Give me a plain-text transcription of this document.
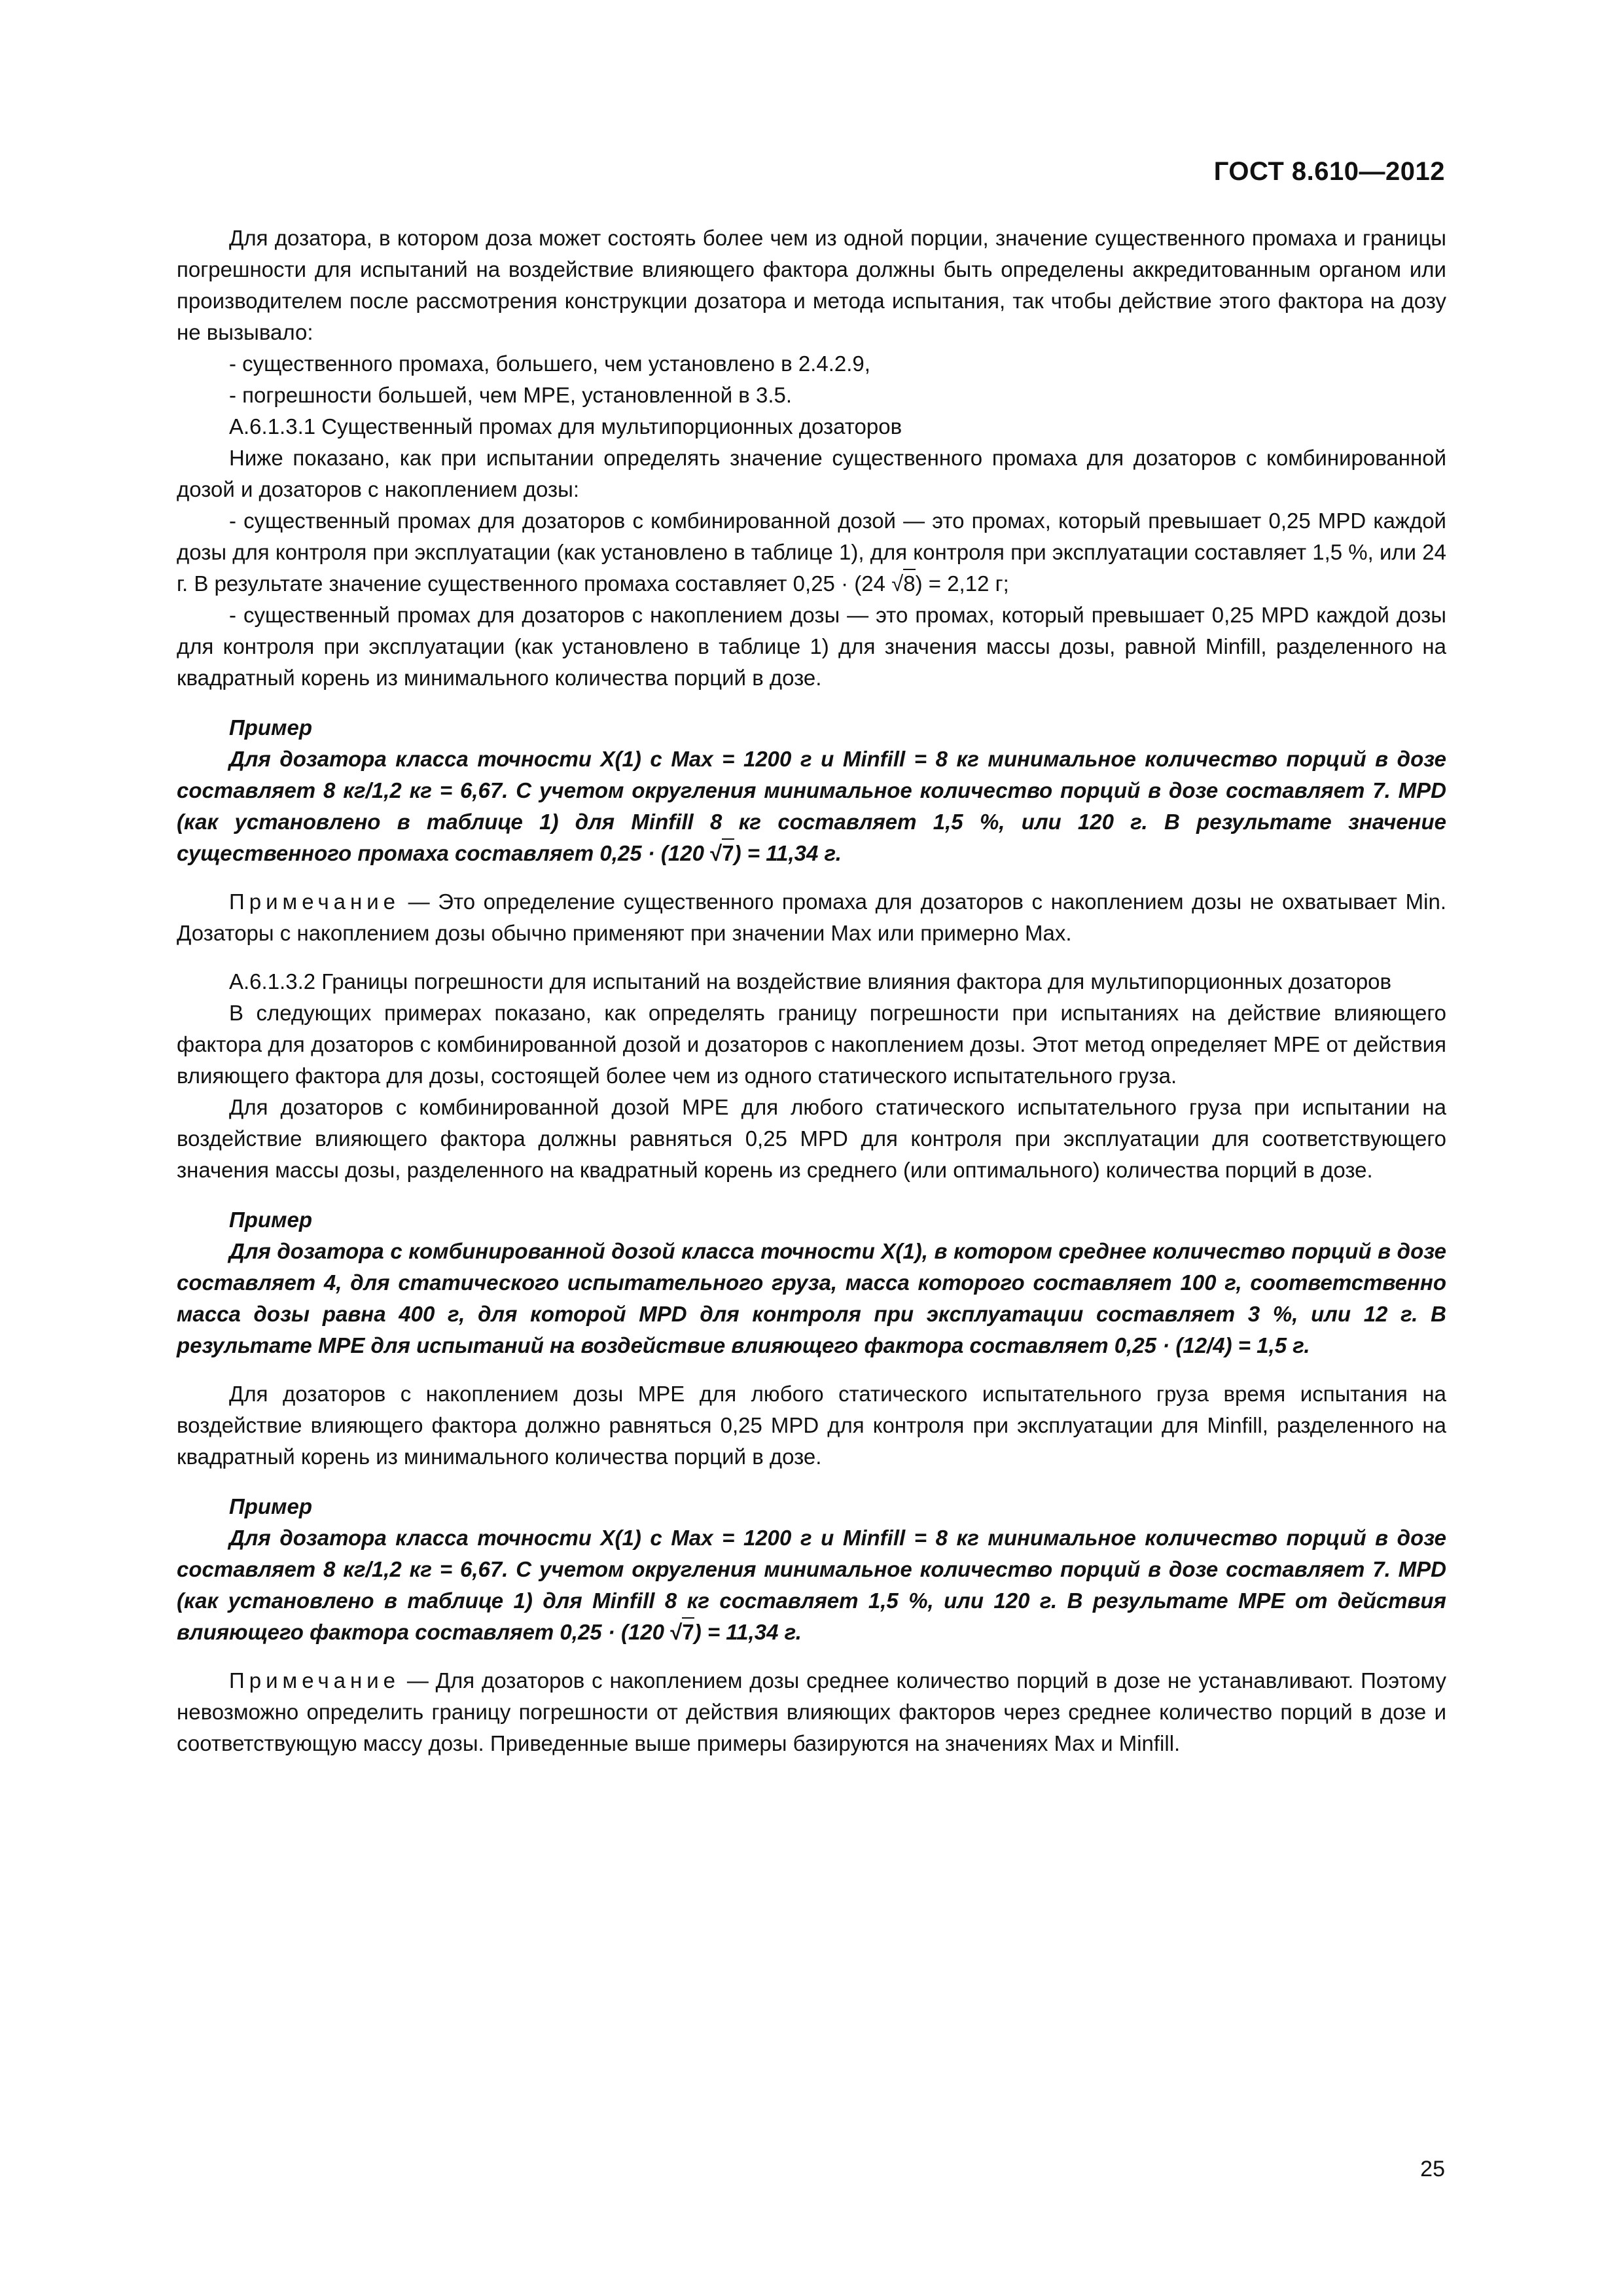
ГОСТ 8.610—2012

Для дозатора, в котором доза может состоять более чем из одной порции, значение существенного промаха и границы погрешности для испытаний на воздействие влияющего фактора должны быть определены аккредитованным органом или производителем после рассмотрения конструкции дозатора и метода испытания, так чтобы действие этого фактора на дозу не вызывало:

- существенного промаха, большего, чем установлено в 2.4.2.9,

- погрешности большей, чем МРЕ, установленной в 3.5.

А.6.1.3.1 Существенный промах для мультипорционных дозаторов

Ниже показано, как при испытании определять значение существенного промаха для дозаторов с комбинированной дозой и дозаторов с накоплением дозы:

- существенный промах для дозаторов с комбинированной дозой — это промах, который превышает 0,25 MPD каждой дозы для контроля при эксплуатации (как установлено в таблице 1), для контроля при эксплуатации составляет 1,5 %, или 24 г. В результате значение существенного промаха составляет 0,25 · (24 √8) = 2,12 г;

- существенный промах для дозаторов с накоплением дозы — это промах, который превышает 0,25 MPD каждой дозы для контроля при эксплуатации (как установлено в таблице 1) для значения массы дозы, равной Minfill, разделенного на квадратный корень из минимального количества порций в дозе.

Пример

Для дозатора класса точности X(1) с Max = 1200 г и Minfill = 8 кг минимальное количество порций в дозе составляет 8 кг/1,2 кг = 6,67. С учетом округления минимальное количество порций в дозе составляет 7. MPD (как установлено в таблице 1) для Minfill 8 кг составляет 1,5 %, или 120 г. В результате значение существенного промаха составляет 0,25 · (120 √7) = 11,34 г.

Примечание — Это определение существенного промаха для дозаторов с накоплением дозы не охватывает Min. Дозаторы с накоплением дозы обычно применяют при значении Max или примерно Max.

А.6.1.3.2 Границы погрешности для испытаний на воздействие влияния фактора для мультипорционных дозаторов

В следующих примерах показано, как определять границу погрешности при испытаниях на действие влияющего фактора для дозаторов с комбинированной дозой и дозаторов с накоплением дозы. Этот метод определяет МРЕ от действия влияющего фактора для дозы, состоящей более чем из одного статического испытательного груза.

Для дозаторов с комбинированной дозой МРЕ для любого статического испытательного груза при испытании на воздействие влияющего фактора должны равняться 0,25 MPD для контроля при эксплуатации для соответствующего значения массы дозы, разделенного на квадратный корень из среднего (или оптимального) количества порций в дозе.

Пример

Для дозатора с комбинированной дозой класса точности X(1), в котором среднее количество порций в дозе составляет 4, для статического испытательного груза, масса которого составляет 100 г, соответственно масса дозы равна 400 г, для которой MPD для контроля при эксплуатации составляет 3 %, или 12 г. В результате МРЕ для испытаний на воздействие влияющего фактора составляет 0,25 · (12/4) = 1,5 г.

Для дозаторов с накоплением дозы МРЕ для любого статического испытательного груза время испытания на воздействие влияющего фактора должно равняться 0,25 MPD для контроля при эксплуатации для Minfill, разделенного на квадратный корень из минимального количества порций в дозе.

Пример

Для дозатора класса точности X(1) с Max = 1200 г и Minfill = 8 кг минимальное количество порций в дозе составляет 8 кг/1,2 кг = 6,67. С учетом округления минимальное количество порций в дозе составляет 7. MPD (как установлено в таблице 1) для Minfill 8 кг составляет 1,5 %, или 120 г. В результате МРЕ от действия влияющего фактора составляет 0,25 · (120 √7) = 11,34 г.

Примечание — Для дозаторов с накоплением дозы среднее количество порций в дозе не устанавливают. Поэтому невозможно определить границу погрешности от действия влияющих факторов через среднее количество порций в дозе и соответствующую массу дозы. Приведенные выше примеры базируются на значениях Max и Minfill.

25
